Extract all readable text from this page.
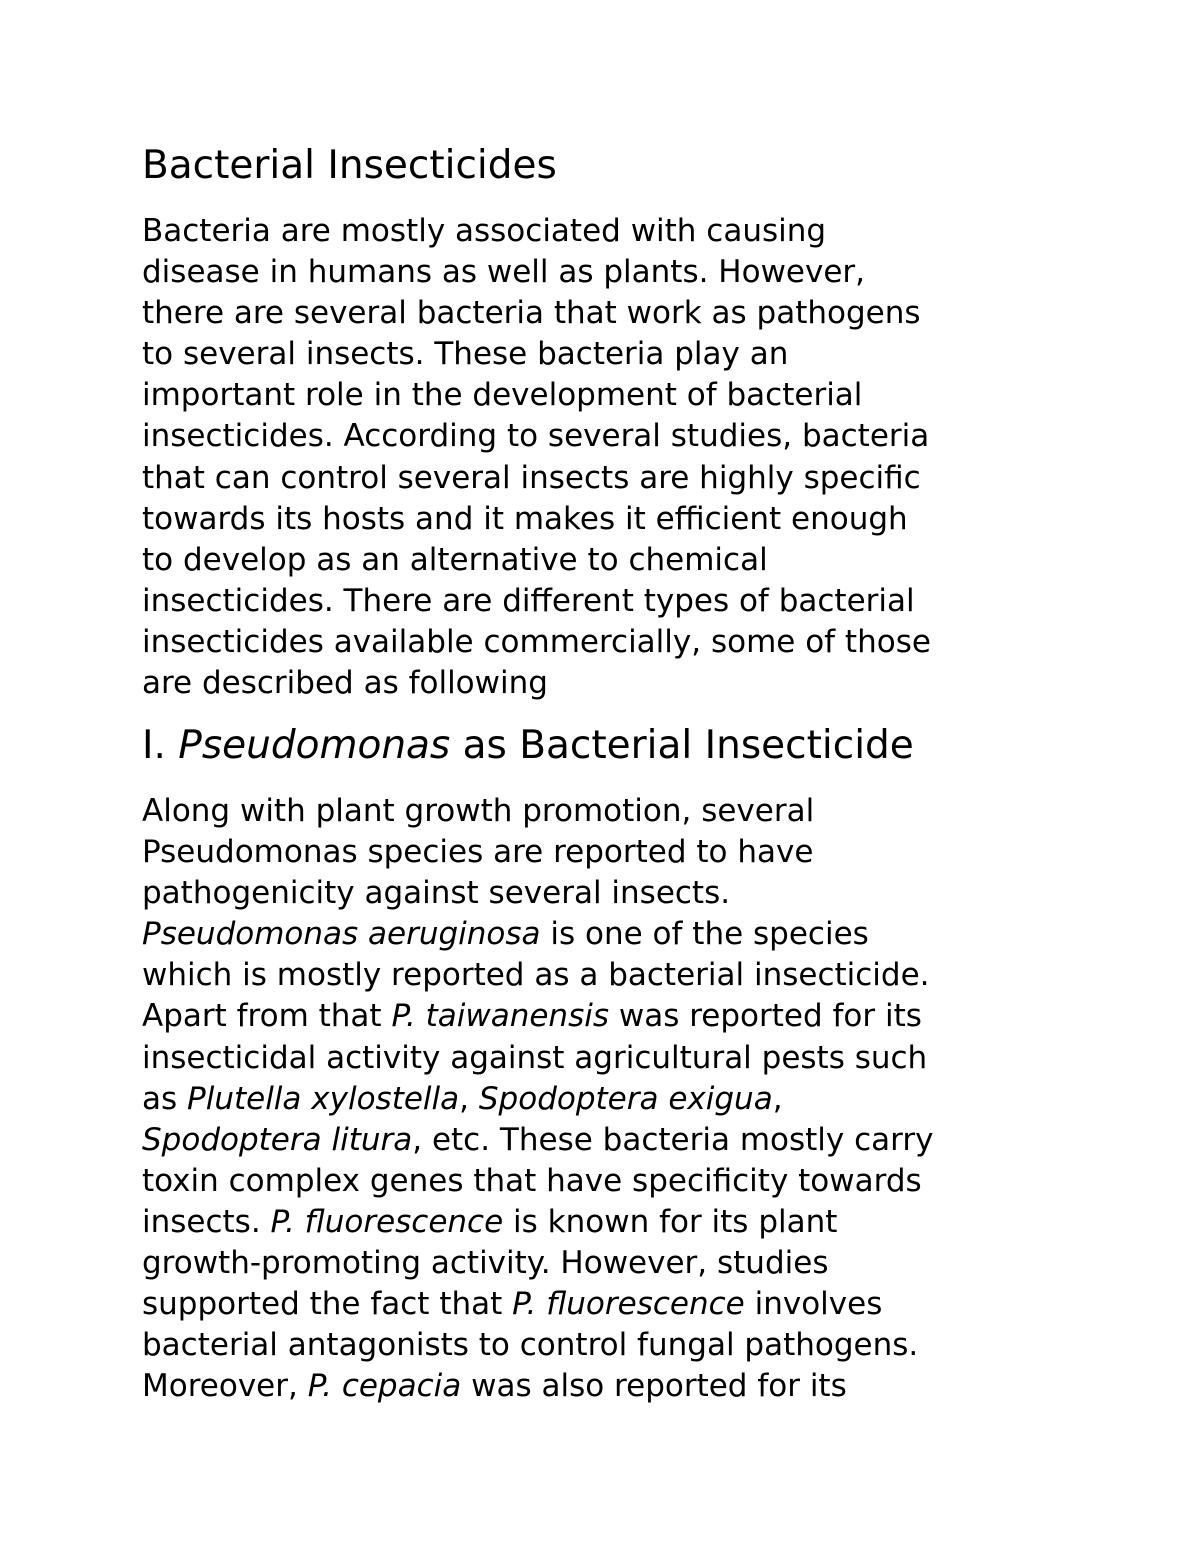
Bacterial Insecticides

Bacteria are mostly associated with causing
disease in humans as well as plants. However,
there are several bacteria that work as pathogens
to several insects. These bacteria play an
important role in the development of bacterial
insecticides. According to several studies, bacteria
that can control several insects are highly specific
towards its hosts and it makes it efficient enough
to develop as an alternative to chemical
insecticides. There are different types of bacterial
insecticides available commercially, some of those
are described as following

I. Pseudomonas as Bacterial Insecticide

Along with plant growth promotion, several
Pseudomonas species are reported to have
pathogenicity against several insects.
Pseudomonas aeruginosa is one of the species
which is mostly reported as a bacterial insecticide.
Apart from that P. taiwanensis was reported for its
insecticidal activity against agricultural pests such
as Plutella xylostella, Spodoptera exigua,
Spodoptera litura, etc. These bacteria mostly carry
toxin complex genes that have specificity towards
insects. P. fluorescence is known for its plant
growth-promoting activity. However, studies
supported the fact that P. fluorescence involves
bacterial antagonists to control fungal pathogens.
Moreover, P. cepacia was also reported for its
